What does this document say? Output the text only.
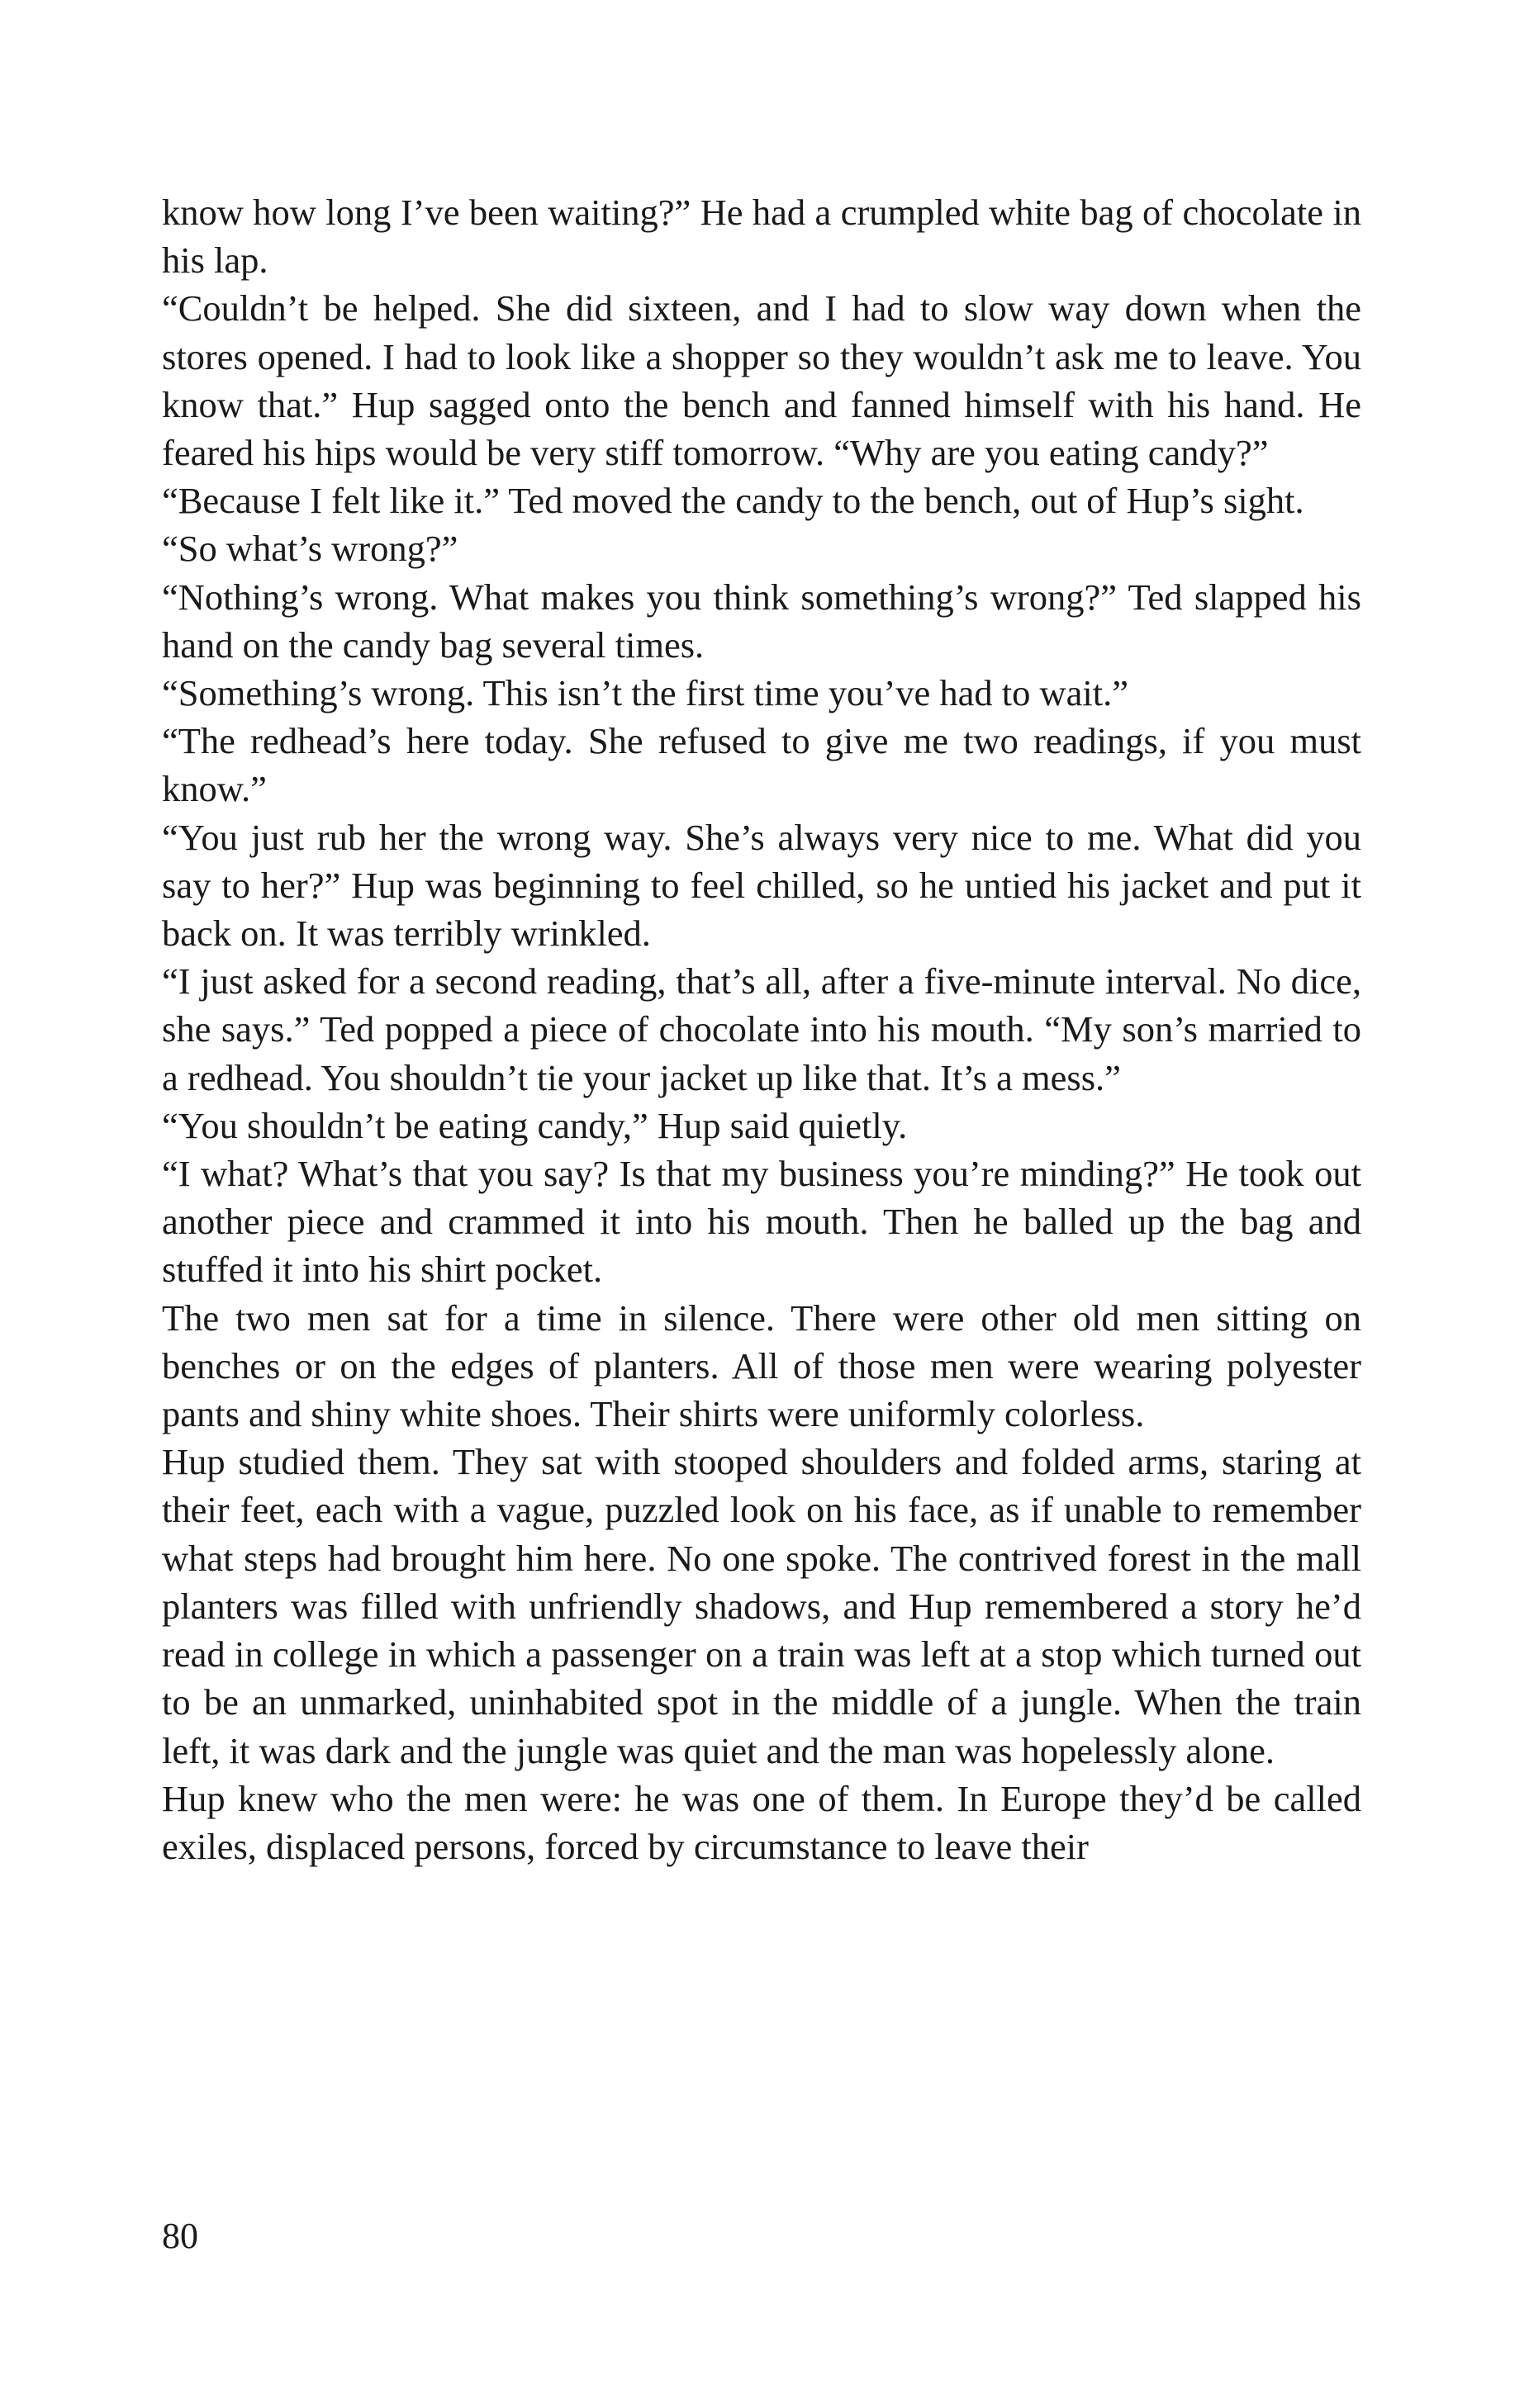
know how long I’ve been waiting?” He had a crumpled white bag of chocolate in his lap.

“Couldn’t be helped. She did sixteen, and I had to slow way down when the stores opened. I had to look like a shopper so they wouldn’t ask me to leave. You know that.” Hup sagged onto the bench and fanned himself with his hand. He feared his hips would be very stiff tomorrow. “Why are you eating candy?”

“Because I felt like it.” Ted moved the candy to the bench, out of Hup’s sight.

“So what’s wrong?”

“Nothing’s wrong. What makes you think something’s wrong?” Ted slapped his hand on the candy bag several times.

“Something’s wrong. This isn’t the first time you’ve had to wait.”

“The redhead’s here today. She refused to give me two readings, if you must know.”

“You just rub her the wrong way. She’s always very nice to me. What did you say to her?” Hup was beginning to feel chilled, so he untied his jacket and put it back on. It was terribly wrinkled.

“I just asked for a second reading, that’s all, after a five-minute interval. No dice, she says.” Ted popped a piece of chocolate into his mouth. “My son’s married to a redhead. You shouldn’t tie your jacket up like that. It’s a mess.”

“You shouldn’t be eating candy,” Hup said quietly.

“I what? What’s that you say? Is that my business you’re minding?” He took out another piece and crammed it into his mouth. Then he balled up the bag and stuffed it into his shirt pocket.

The two men sat for a time in silence. There were other old men sitting on benches or on the edges of planters. All of those men were wearing polyester pants and shiny white shoes. Their shirts were uniformly colorless.

Hup studied them. They sat with stooped shoulders and folded arms, staring at their feet, each with a vague, puzzled look on his face, as if unable to remember what steps had brought him here. No one spoke. The contrived forest in the mall planters was filled with unfriendly shadows, and Hup remembered a story he’d read in college in which a passenger on a train was left at a stop which turned out to be an unmarked, uninhabited spot in the middle of a jungle. When the train left, it was dark and the jungle was quiet and the man was hopelessly alone.

Hup knew who the men were: he was one of them. In Europe they’d be called exiles, displaced persons, forced by circumstance to leave their

80
